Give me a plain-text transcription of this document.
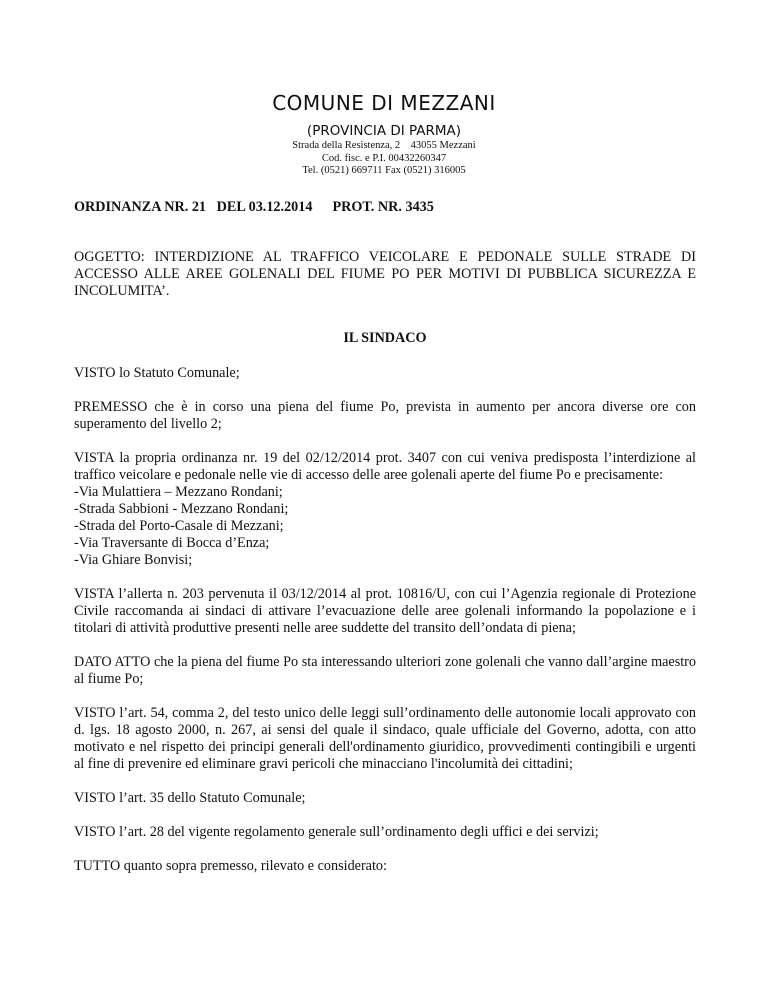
COMUNE DI MEZZANI
(PROVINCIA DI PARMA)
Strada della Resistenza, 2    43055 Mezzani
Cod. fisc. e P.I. 00432260347
Tel. (0521) 669711 Fax (0521) 316005
ORDINANZA NR. 21   DEL 03.12.2014 PROT. NR. 3435
OGGETTO: INTERDIZIONE AL TRAFFICO VEICOLARE E PEDONALE SULLE STRADE DI ACCESSO ALLE AREE GOLENALI DEL FIUME PO PER MOTIVI DI PUBBLICA SICUREZZA E INCOLUMITA’.
IL SINDACO
VISTO lo Statuto Comunale;
PREMESSO che è in corso una piena del fiume Po, prevista in aumento per ancora diverse ore con superamento del livello 2;
VISTA la propria ordinanza nr. 19 del 02/12/2014 prot. 3407 con cui veniva predisposta l’interdizione al traffico veicolare e pedonale nelle vie di accesso delle aree golenali aperte del fiume Po e precisamente:
-Via Mulattiera – Mezzano Rondani;
-Strada Sabbioni - Mezzano Rondani;
-Strada del Porto-Casale di Mezzani;
-Via Traversante di Bocca d’Enza;
-Via Ghiare Bonvisi;
VISTA l’allerta n. 203 pervenuta il 03/12/2014 al prot. 10816/U, con cui l’Agenzia regionale di Protezione Civile raccomanda ai sindaci di attivare l’evacuazione delle aree golenali informando la popolazione e i titolari di attività produttive presenti nelle aree suddette del transito dell’ondata di piena;
DATO ATTO che la piena del fiume Po sta interessando ulteriori zone golenali che vanno dall’argine maestro al fiume Po;
VISTO l’art. 54, comma 2, del testo unico delle leggi sull’ordinamento delle autonomie locali approvato con d. lgs. 18 agosto 2000, n. 267, ai sensi del quale il sindaco, quale ufficiale del Governo, adotta, con atto motivato e nel rispetto dei principi generali dell'ordinamento giuridico, provvedimenti contingibili e urgenti al fine di prevenire ed eliminare gravi pericoli che minacciano l'incolumità dei cittadini;
VISTO l’art. 35 dello Statuto Comunale;
VISTO l’art. 28 del vigente regolamento generale sull’ordinamento degli uffici e dei servizi;
TUTTO quanto sopra premesso, rilevato e considerato:
